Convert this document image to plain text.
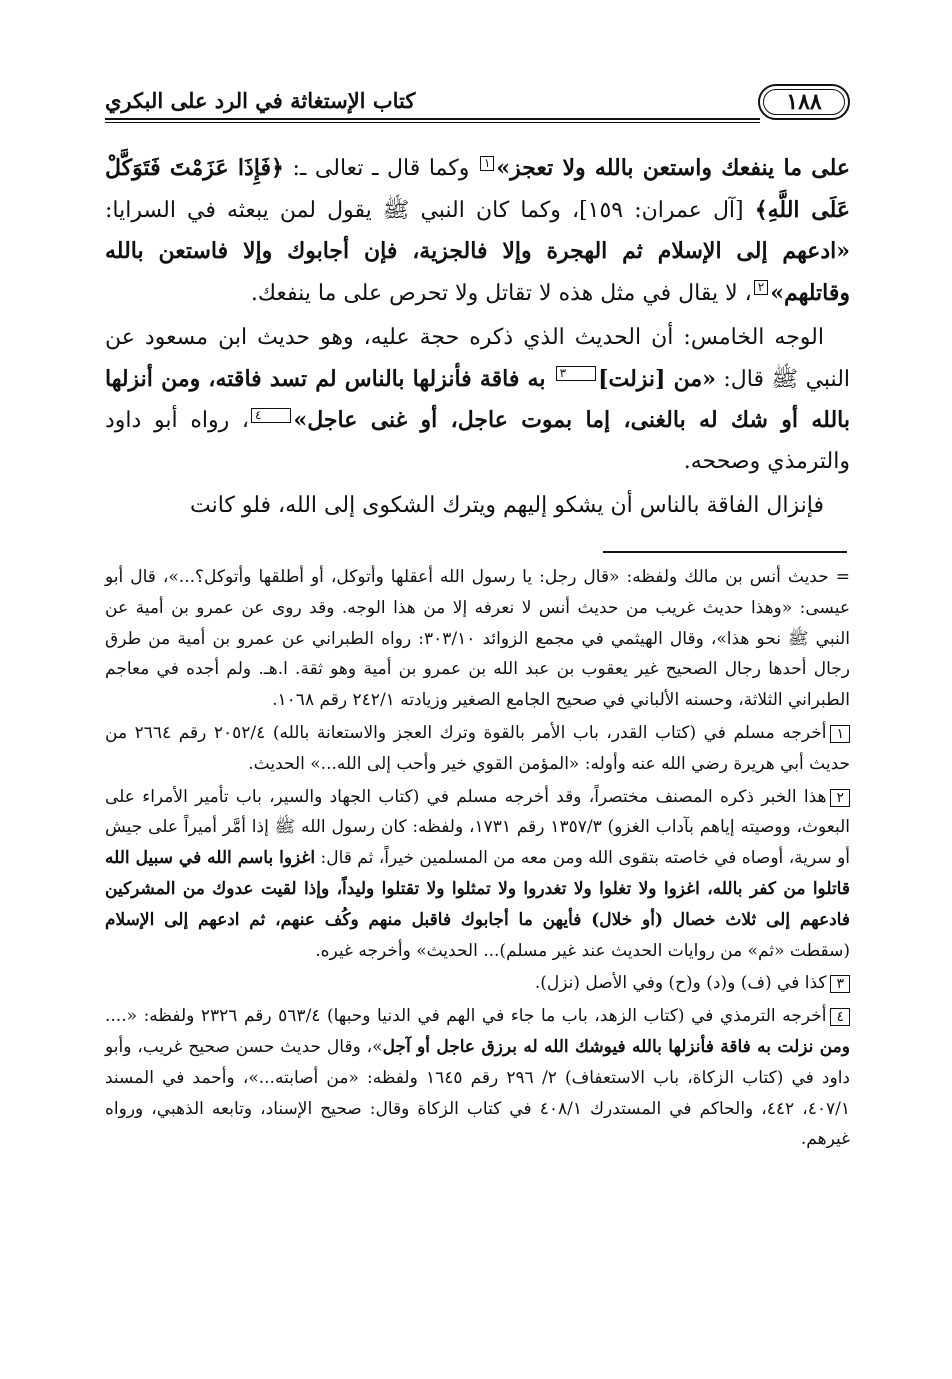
١٨٨
كتاب الإستغاثة في الرد على البكري

على ما ينفعك واستعن بالله ولا تعجز»١ وكما قال ـ تعالى ـ: ﴿فَإِذَا عَزَمْتَ فَتَوَكَّلْ عَلَى اللَّهِ﴾ [آل عمران: ١٥٩]، وكما كان النبي ﷺ يقول لمن يبعثه في السرايا: «ادعهم إلى الإسلام ثم الهجرة وإلا فالجزية، فإن أجابوك وإلا فاستعن بالله وقاتلهم»٢، لا يقال في مثل هذه لا تقاتل ولا تحرص على ما ينفعك.

الوجه الخامس: أن الحديث الذي ذكره حجة عليه، وهو حديث ابن مسعود عن النبي ﷺ قال: «من [نزلت]٣ به فاقة فأنزلها بالناس لم تسد فاقته، ومن أنزلها بالله أو شك له بالغنى، إما بموت عاجل، أو غنى عاجل»٤، رواه أبو داود والترمذي وصححه.

فإنزال الفاقة بالناس أن يشكو إليهم ويترك الشكوى إلى الله، فلو كانت

= حديث أنس بن مالك ولفظه: «قال رجل: يا رسول الله أعقلها وأتوكل، أو أطلقها وأتوكل؟...»، قال أبو عيسى: «وهذا حديث غريب من حديث أنس لا نعرفه إلا من هذا الوجه. وقد روى عن عمرو بن أمية عن النبي ﷺ نحو هذا»، وقال الهيثمي في مجمع الزوائد ٣٠٣/١٠: رواه الطبراني عن عمرو بن أمية من طرق رجال أحدها رجال الصحيح غير يعقوب بن عبد الله بن عمرو بن أمية وهو ثقة. ا.هـ. ولم أجده في معاجم الطبراني الثلاثة، وحسنه الألباني في صحيح الجامع الصغير وزيادته ٢٤٢/١ رقم ١٠٦٨.

١أخرجه مسلم في (كتاب القدر، باب الأمر بالقوة وترك العجز والاستعانة بالله) ٢٠٥٢/٤ رقم ٢٦٦٤ من حديث أبي هريرة رضي الله عنه وأوله: «المؤمن القوي خير وأحب إلى الله...» الحديث.

٢هذا الخبر ذكره المصنف مختصراً، وقد أخرجه مسلم في (كتاب الجهاد والسير، باب تأمير الأمراء على البعوث، ووصيته إياهم بآداب الغزو) ١٣٥٧/٣ رقم ١٧٣١، ولفظه: كان رسول الله ﷺ إذا أمَّر أميراً على جيش أو سرية، أوصاه في خاصته بتقوى الله ومن معه من المسلمين خيراً، ثم قال: اغزوا باسم الله في سبيل الله قاتلوا من كفر بالله، اغزوا ولا تغلوا ولا تغدروا ولا تمثلوا ولا تقتلوا وليداً، وإذا لقيت عدوك من المشركين فادعهم إلى ثلاث خصال (أو خلال) فأيهن ما أجابوك فاقبل منهم وكُف عنهم، ثم ادعهم إلى الإسلام (سقطت «ثم» من روايات الحديث عند غير مسلم)... الحديث» وأخرجه غيره.

٣كذا في (ف) و(د) و(ح) وفي الأصل (نزل).

٤أخرجه الترمذي في (كتاب الزهد، باب ما جاء في الهم في الدنيا وحبها) ٥٦٣/٤ رقم ٢٣٢٦ ولفظه: «.... ومن نزلت به فاقة فأنزلها بالله فيوشك الله له برزق عاجل أو آجل»، وقال حديث حسن صحيح غريب، وأبو داود في (كتاب الزكاة، باب الاستعفاف) ٢/ ٢٩٦ رقم ١٦٤٥ ولفظه: «من أصابته...»، وأحمد في المسند ٤٠٧/١، ٤٤٢، والحاكم في المستدرك ٤٠٨/١ في كتاب الزكاة وقال: صحيح الإسناد، وتابعه الذهبي، ورواه غيرهم.
